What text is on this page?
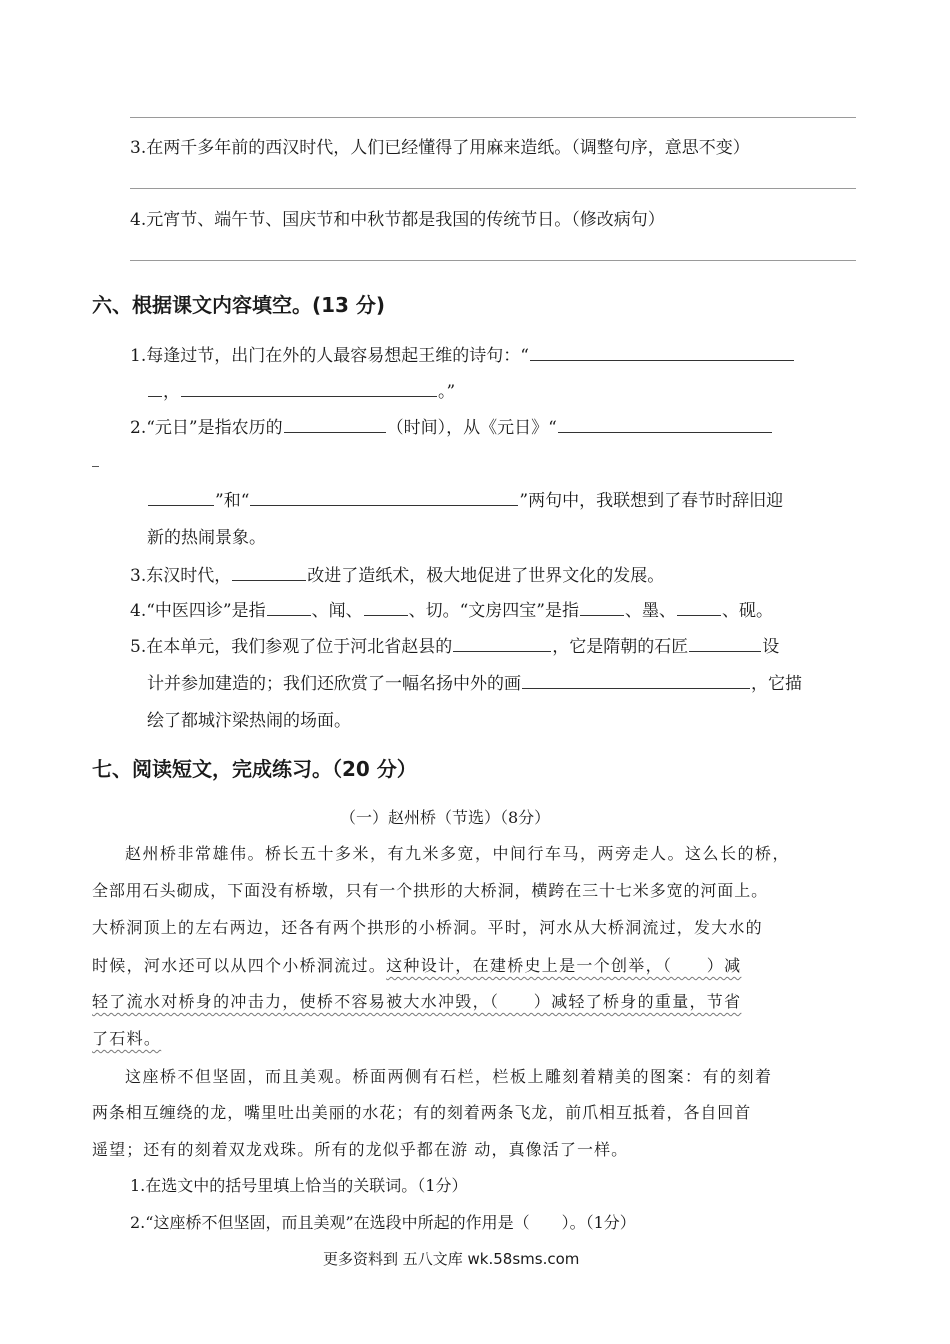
3.在两千多年前的西汉时代，人们已经懂得了用麻来造纸。（调整句序，意思不变）
4.元宵节、端午节、国庆节和中秋节都是我国的传统节日。（修改病句）
六、根据课文内容填空。(13 分)
1.每逢过节，出门在外的人最容易想起王维的诗句：“
，	。”
2.“元日”是指农历的	（时间），从《元日》“
”和“	”两句中，我联想到了春节时辞旧迎
新的热闹景象。
3.东汉时代，	改进了造纸术，极大地促进了世界文化的发展。
4.“中医四诊”是指	、闻、	、切。“文房四宝”是指	、墨、	、砚。
5.在本单元，我们参观了位于河北省赵县的	，它是隋朝的石匠	设
计并参加建造的；我们还欣赏了一幅名扬中外的画	，它描
绘了都城汴梁热闹的场面。
七、阅读短文，完成练习。（20 分）
（一）赵州桥（节选）（8分）
赵州桥非常雄伟。桥长五十多米，有九米多宽，中间行车马，两旁走人。这么长的桥，
全部用石头砌成，下面没有桥墩，只有一个拱形的大桥洞，横跨在三十七米多宽的河面上。
大桥洞顶上的左右两边，还各有两个拱形的小桥洞。平时，河水从大桥洞流过，发大水的
时候，河水还可以从四个小桥洞流过。这种设计，在建桥史上是一个创举，（　　）减
轻了流水对桥身的冲击力，使桥不容易被大水冲毁，（　　）减轻了桥身的重量，节省
了石料。
这座桥不但坚固，而且美观。桥面两侧有石栏，栏板上雕刻着精美的图案：有的刻着
两条相互缠绕的龙，嘴里吐出美丽的水花；有的刻着两条飞龙，前爪相互抵着，各自回首
遥望；还有的刻着双龙戏珠。所有的龙似乎都在游 动，真像活了一样。
1.在选文中的括号里填上恰当的关联词。（1分）
2.“这座桥不但坚固，而且美观”在选段中所起的作用是（　　）。（1分）
更多资料到 五八文库 wk.58sms.com
